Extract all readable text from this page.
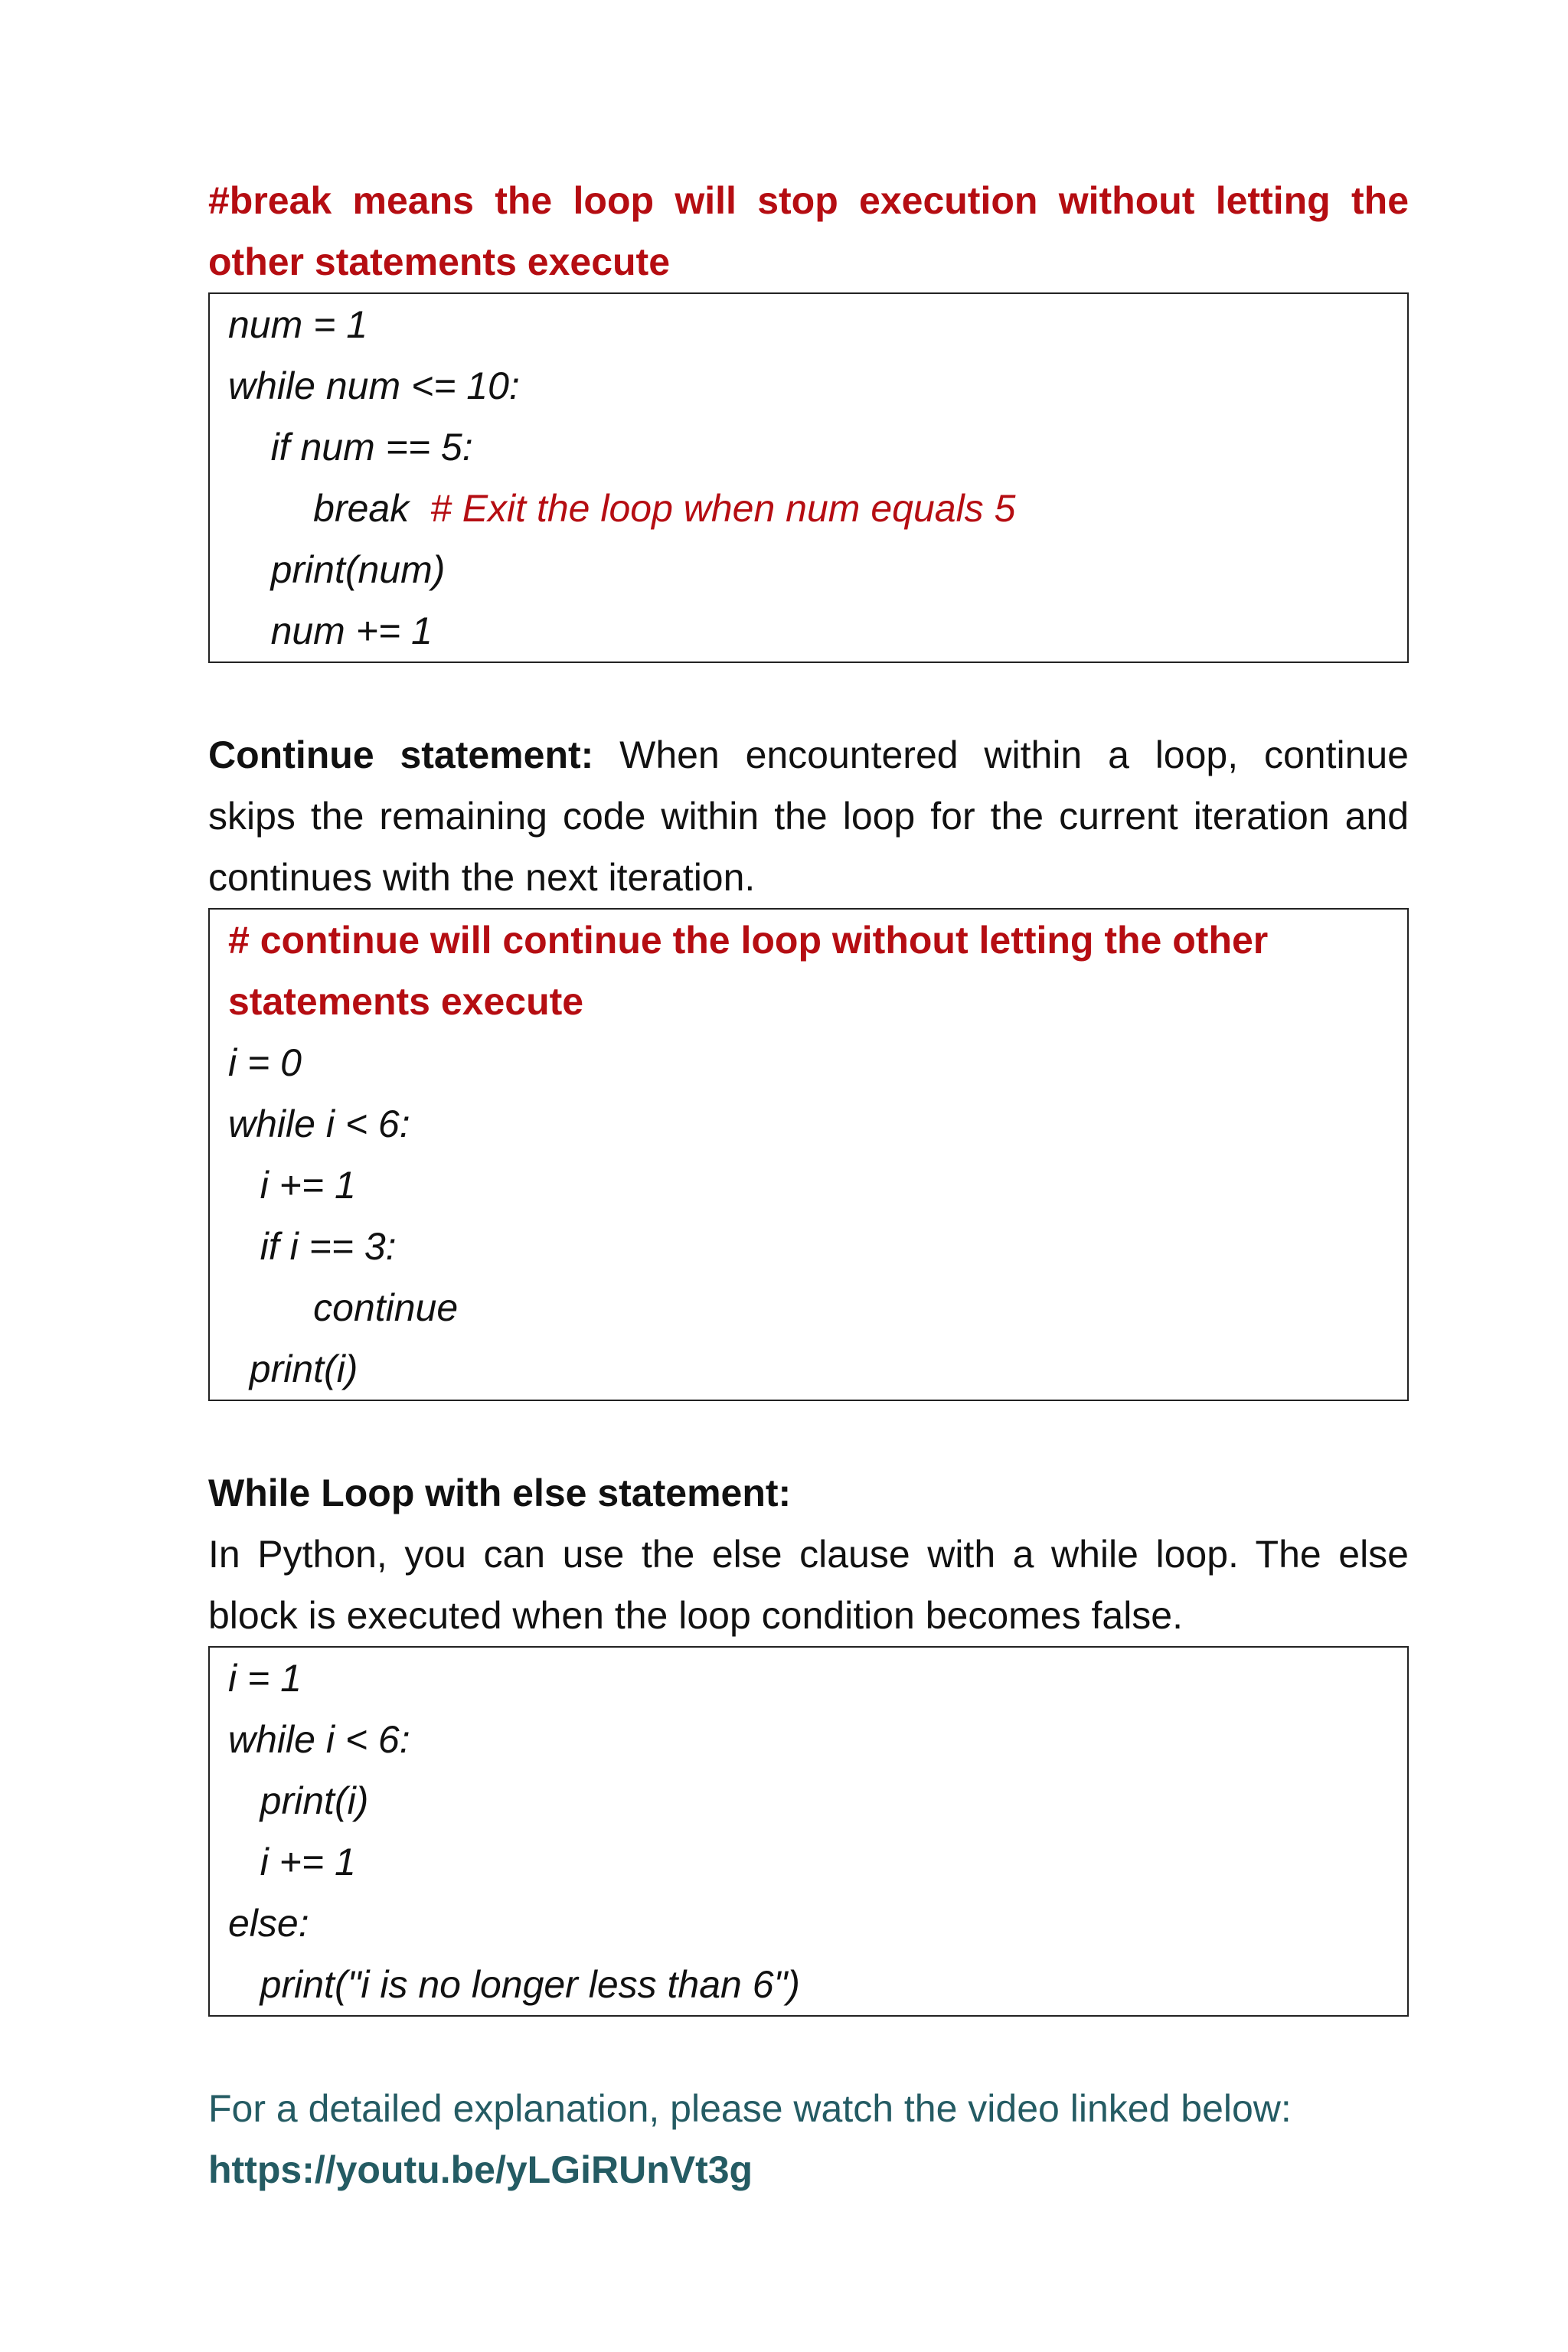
#break means the loop will stop execution without letting the
other statements execute
num = 1
while num <= 10:
if num == 5:
break  # Exit the loop when num equals 5
print(num)
num += 1
Continue statement: When encountered within a loop, continue
skips the remaining code within the loop for the current iteration and
continues with the next iteration.
# continue will continue the loop without letting the other
statements execute
i = 0
while i < 6:
i += 1
if i == 3:
continue
print(i)
While Loop with else statement:
In Python, you can use the else clause with a while loop. The else
block is executed when the loop condition becomes false.
i = 1
while i < 6:
print(i)
i += 1
else:
print("i is no longer less than 6")
For a detailed explanation, please watch the video linked below:
https://youtu.be/yLGiRUnVt3g
